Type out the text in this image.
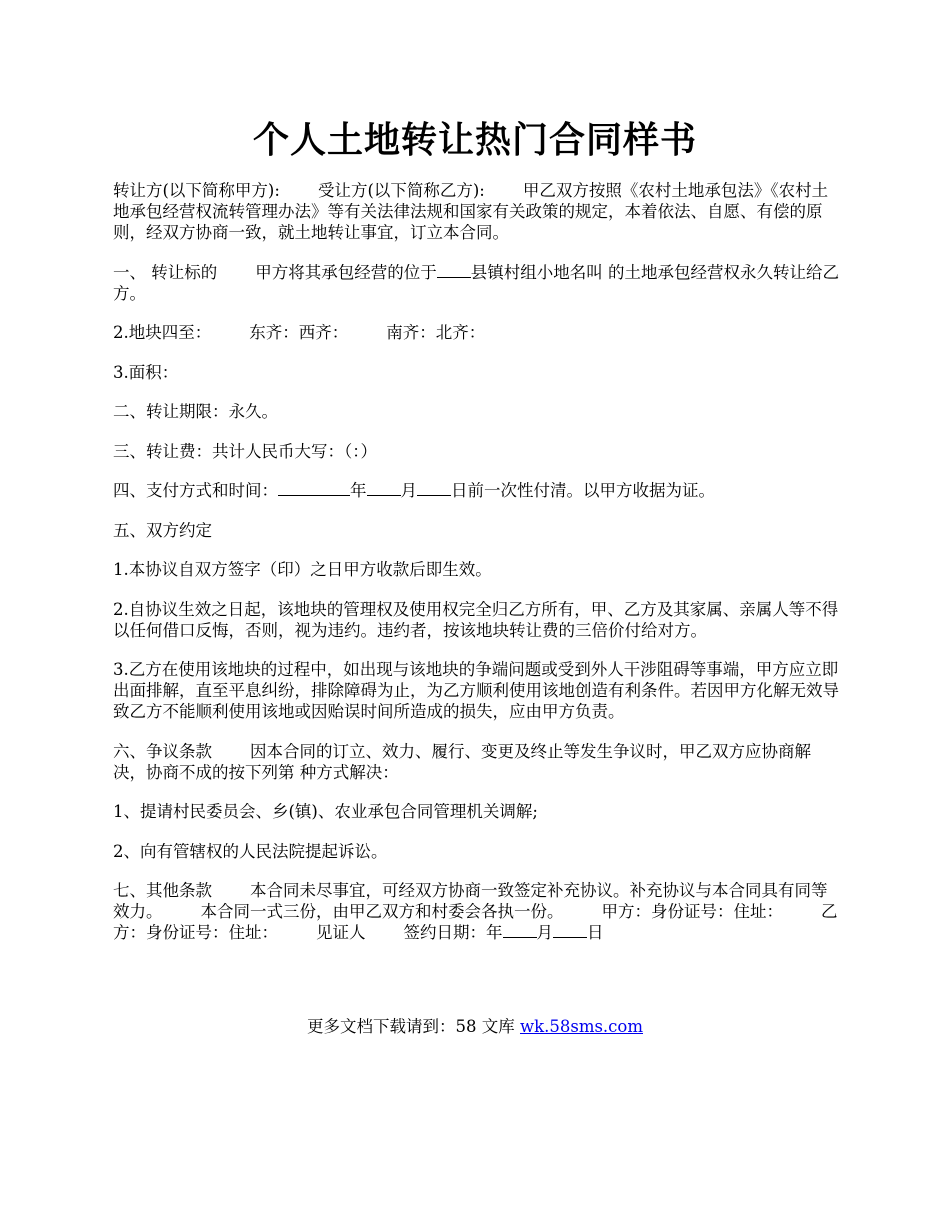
个人土地转让热门合同样书

转让方(以下简称甲方): 受让方(以下简称乙方): 甲乙双方按照《农村土地承包法》《农村土地承包经营权流转管理办法》等有关法律法规和国家有关政策的规定，本着依法、自愿、有偿的原则，经双方协商一致，就土地转让事宜，订立本合同。

一、 转让标的 甲方将其承包经营的位于 县镇村组小地名叫 的土地承包经营权永久转让给乙方。

2.地块四至： 东齐：西齐： 南齐：北齐：

3.面积：

二、转让期限：永久。

三、转让费：共计人民币大写：（：）

四、支付方式和时间：	年 月 日前一次性付清。以甲方收据为证。

五、双方约定

1.本协议自双方签字（印）之日甲方收款后即生效。

2.自协议生效之日起，该地块的管理权及使用权完全归乙方所有，甲、乙方及其家属、亲属人等不得以任何借口反悔，否则，视为违约。违约者，按该地块转让费的三倍价付给对方。

3.乙方在使用该地块的过程中，如出现与该地块的争端问题或受到外人干涉阻碍等事端，甲方应立即出面排解，直至平息纠纷，排除障碍为止，为乙方顺利使用该地创造有利条件。若因甲方化解无效导致乙方不能顺利使用该地或因贻误时间所造成的损失，应由甲方负责。

六、争议条款 因本合同的订立、效力、履行、变更及终止等发生争议时，甲乙双方应协商解决，协商不成的按下列第 种方式解决：

1、提请村民委员会、乡(镇)、农业承包合同管理机关调解;

2、向有管辖权的人民法院提起诉讼。

七、其他条款 本合同未尽事宜，可经双方协商一致签定补充协议。补充协议与本合同具有同等效力。 本合同一式三份，由甲乙双方和村委会各执一份。 甲方：身份证号：住址： 乙方：身份证号：住址： 见证人 签约日期：年 月 日

更多文档下载请到：58 文库 wk.58sms.com
